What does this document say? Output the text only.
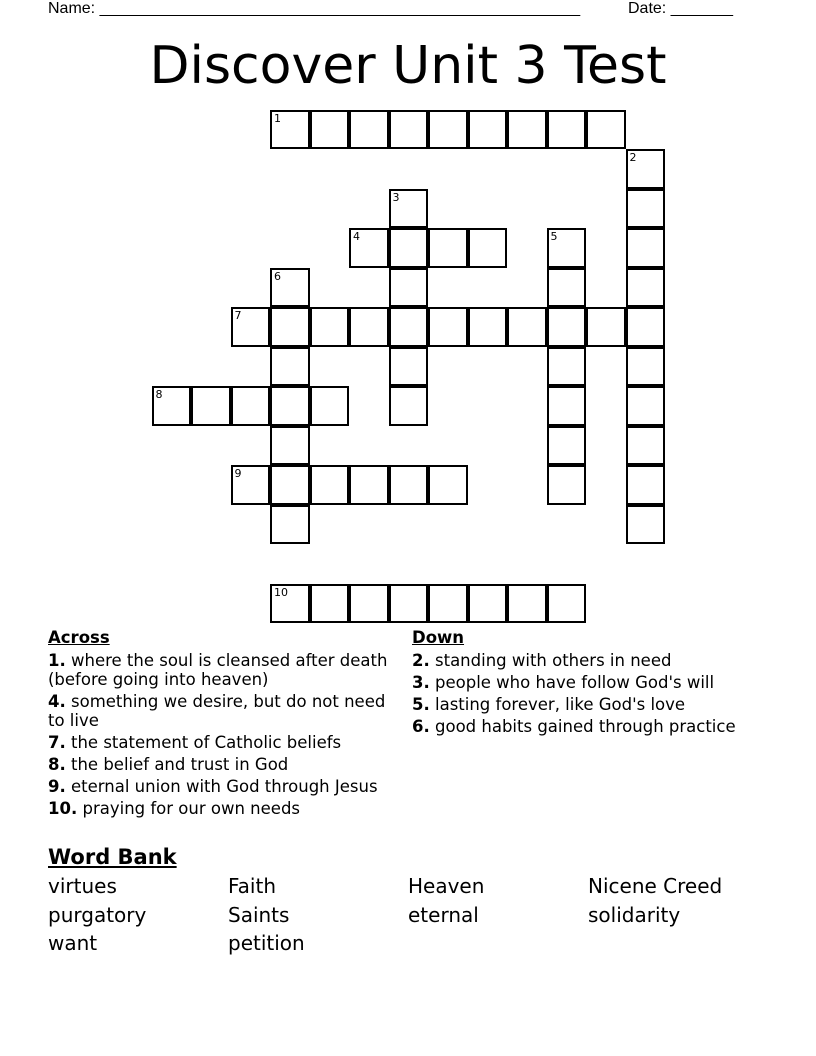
Name: ______________________________________________________	Date: _______
Discover Unit 3 Test
1
2
3
4	5
6
7
8
9
10
Across
1. where the soul is cleansed after death (before going into heaven)
4. something we desire, but do not need to live
7. the statement of Catholic beliefs
8. the belief and trust in God
9. eternal union with God through Jesus
10. praying for our own needs
Down
2. standing with others in need
3. people who have follow God's will
5. lasting forever, like God's love
6. good habits gained through practice
Word Bank
virtues	Faith	Heaven	Nicene Creed
purgatory	Saints	eternal	solidarity
want	petition
